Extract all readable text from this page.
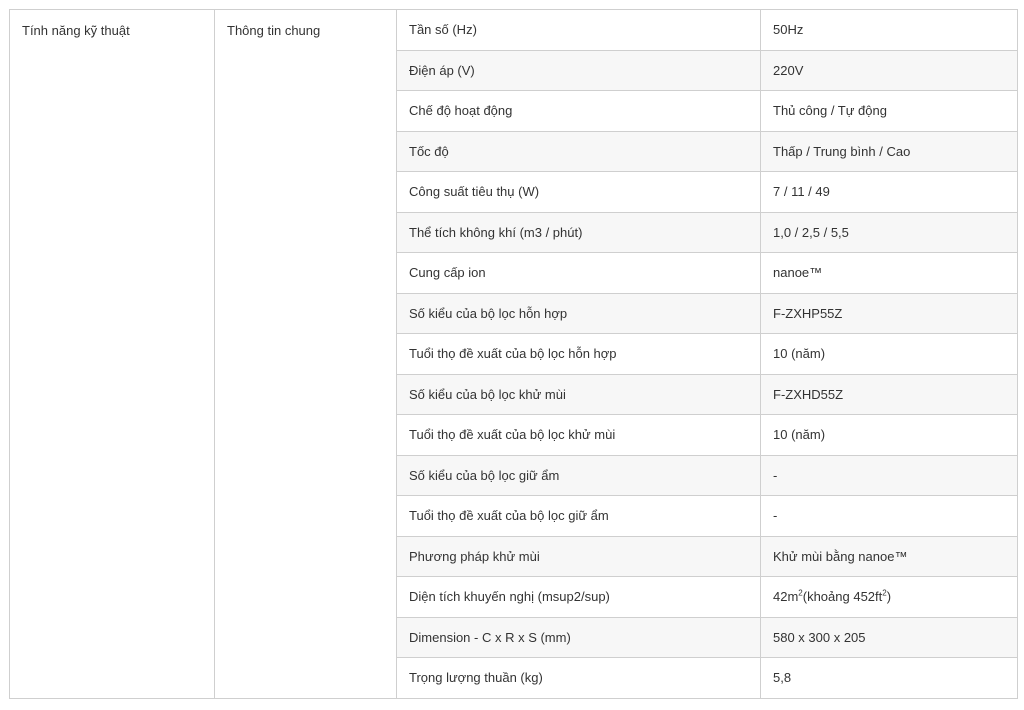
Tính năng kỹ thuật	Thông tin chung	Tần số (Hz)	50Hz
		Điện áp (V)	220V
		Chế độ hoạt động	Thủ công / Tự động
		Tốc độ	Thấp / Trung bình / Cao
		Công suất tiêu thụ (W)	7 / 11 / 49
		Thể tích không khí (m3 / phút)	1,0 / 2,5 / 5,5
		Cung cấp ion	nanoe™
		Số kiểu của bộ lọc hỗn hợp	F-ZXHP55Z
		Tuổi thọ đề xuất của bộ lọc hỗn hợp	10 (năm)
		Số kiểu của bộ lọc khử mùi	F-ZXHD55Z
		Tuổi thọ đề xuất của bộ lọc khử mùi	10 (năm)
		Số kiểu của bộ lọc giữ ẩm	-
		Tuổi thọ đề xuất của bộ lọc giữ ẩm	-
		Phương pháp khử mùi	Khử mùi bằng nanoe™
		Diện tích khuyến nghị (msup2/sup)	$42m^2(khoảng$ $452ft^2$)
		Dimension - C x R x S (mm)	580 x 300 x 205
		Trọng lượng thuần (kg)	5,8
